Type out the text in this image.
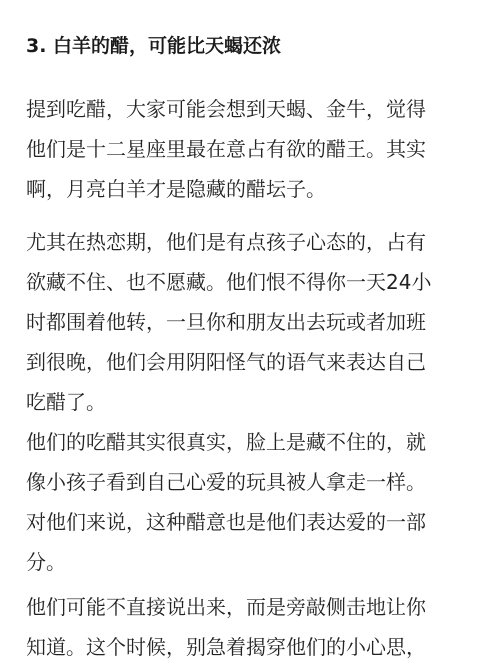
3. 白羊的醋，可能比天蝎还浓
提到吃醋，大家可能会想到天蝎、金牛，觉得
他们是十二星座里最在意占有欲的醋王。其实
啊，月亮白羊才是隐藏的醋坛子。
尤其在热恋期，他们是有点孩子心态的，占有
欲藏不住、也不愿藏。他们恨不得你一天24小
时都围着他转，一旦你和朋友出去玩或者加班
到很晚，他们会用阴阳怪气的语气来表达自己
吃醋了。
他们的吃醋其实很真实，脸上是藏不住的，就
像小孩子看到自己心爱的玩具被人拿走一样。
对他们来说，这种醋意也是他们表达爱的一部
分。
他们可能不直接说出来，而是旁敲侧击地让你
知道。这个时候，别急着揭穿他们的小心思，
